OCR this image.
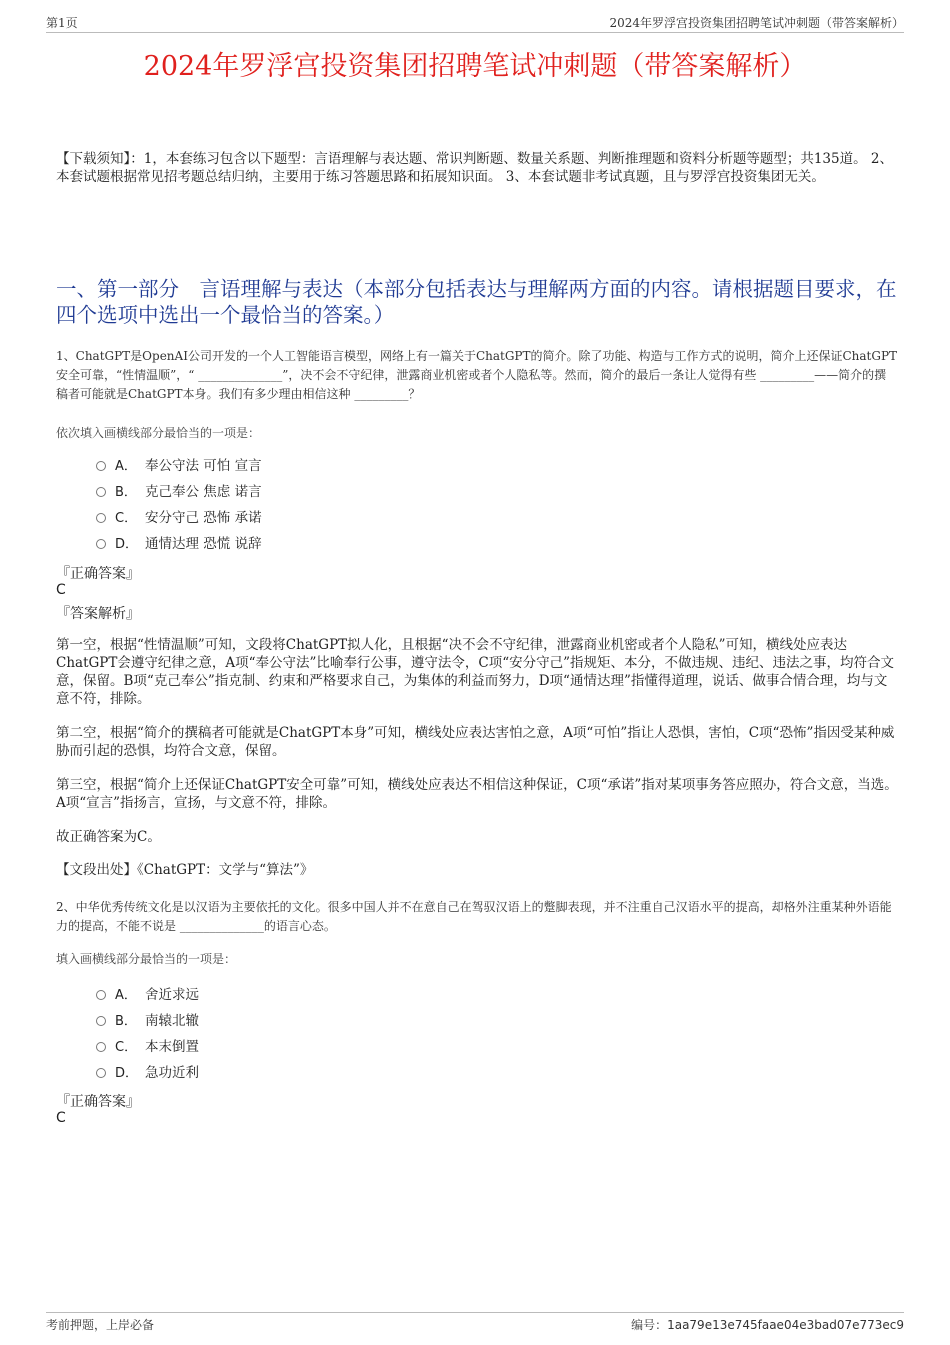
第1页	2024年罗浮宫投资集团招聘笔试冲刺题（带答案解析）
2024年罗浮宫投资集团招聘笔试冲刺题（带答案解析）
【下载须知】：1，本套练习包含以下题型：言语理解与表达题、常识判断题、数量关系题、判断推理题和资料分析题等题型；共135道。 2、本套试题根据常见招考题总结归纳，主要用于练习答题思路和拓展知识面。 3、本套试题非考试真题，且与罗浮宫投资集团无关。
一、第一部分　言语理解与表达（本部分包括表达与理解两方面的内容。请根据题目要求，在四个选项中选出一个最恰当的答案。）
1、ChatGPT是OpenAI公司开发的一个人工智能语言模型，网络上有一篇关于ChatGPT的简介。除了功能、构造与工作方式的说明，简介上还保证ChatGPT安全可靠，“性情温顺”，“ ______________”，决不会不守纪律，泄露商业机密或者个人隐私等。然而，简介的最后一条让人觉得有些 _________——简介的撰稿者可能就是ChatGPT本身。我们有多少理由相信这种 _________？
依次填入画横线部分最恰当的一项是：
A． 奉公守法 可怕 宣言
B． 克己奉公 焦虑 诺言
C． 安分守己 恐怖 承诺
D． 通情达理 恐慌 说辞
『正确答案』
C
『答案解析』
第一空，根据“性情温顺”可知，文段将ChatGPT拟人化，且根据“决不会不守纪律，泄露商业机密或者个人隐私”可知，横线处应表达ChatGPT会遵守纪律之意，A项“奉公守法”比喻奉行公事，遵守法令，C项“安分守己”指规矩、本分，不做违规、违纪、违法之事，均符合文意，保留。B项“克己奉公”指克制、约束和严格要求自己，为集体的利益而努力，D项“通情达理”指懂得道理，说话、做事合情合理，均与文意不符，排除。
第二空，根据“简介的撰稿者可能就是ChatGPT本身”可知，横线处应表达害怕之意，A项“可怕”指让人恐惧，害怕，C项“恐怖”指因受某种威胁而引起的恐惧，均符合文意，保留。
第三空，根据“简介上还保证ChatGPT安全可靠”可知，横线处应表达不相信这种保证，C项“承诺”指对某项事务答应照办，符合文意，当选。A项“宣言”指扬言，宣扬，与文意不符，排除。
故正确答案为C。
【文段出处】《ChatGPT：文学与“算法”》
2、中华优秀传统文化是以汉语为主要依托的文化。很多中国人并不在意自己在驾驭汉语上的蹩脚表现，并不注重自己汉语水平的提高，却格外注重某种外语能力的提高，不能不说是 ______________的语言心态。
填入画横线部分最恰当的一项是：
A． 舍近求远
B． 南辕北辙
C． 本末倒置
D． 急功近利
『正确答案』
C
考前押题，上岸必备	编号：1aa79e13e745faae04e3bad07e773ec9
